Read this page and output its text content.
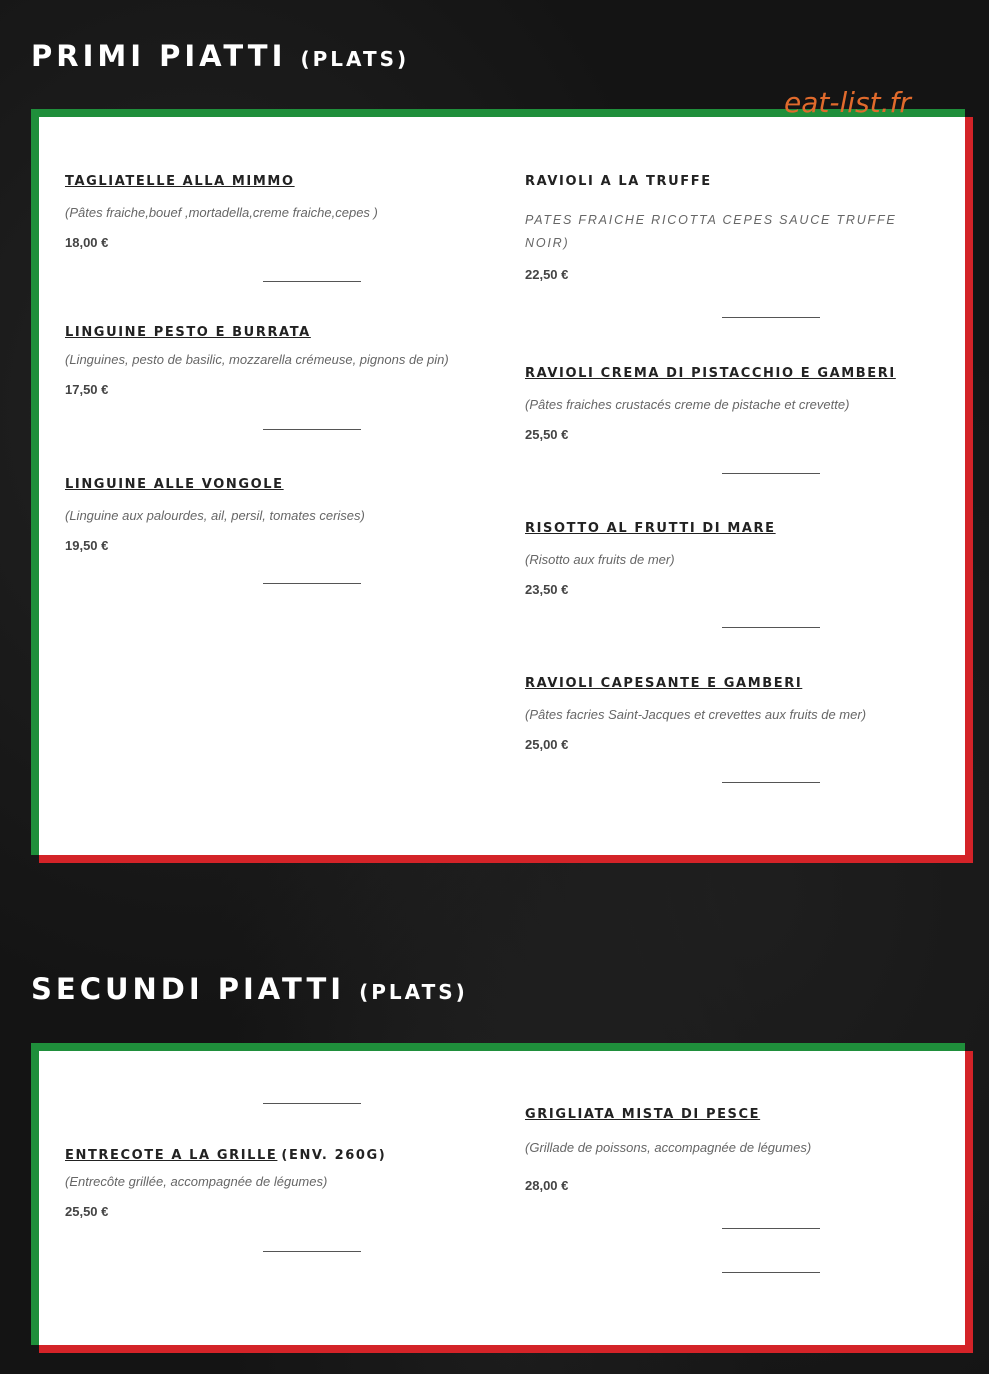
PRIMI PIATTI (PLATS)
TAGLIATELLE ALLA MIMMO
(Pâtes fraiche,bouef ,mortadella,creme fraiche,cepes )
18,00 €
LINGUINE PESTO E BURRATA
(Linguines, pesto de basilic, mozzarella crémeuse, pignons de pin)
17,50 €
LINGUINE ALLE VONGOLE
(Linguine aux palourdes, ail, persil, tomates cerises)
19,50 €
RAVIOLI A LA TRUFFE
PATES FRAICHE RICOTTA CEPES SAUCE TRUFFE NOIR)
22,50 €
RAVIOLI CREMA DI PISTACCHIO E GAMBERI
(Pâtes fraiches crustacés creme de pistache et crevette)
25,50 €
RISOTTO AL FRUTTI DI MARE
(Risotto aux fruits de mer)
23,50 €
RAVIOLI CAPESANTE E GAMBERI
(Pâtes facries Saint-Jacques et crevettes aux fruits de mer)
25,00 €
eat-list.fr
SECUNDI PIATTI (PLATS)
ENTRECOTE A LA GRILLE (ENV. 260G)
(Entrecôte grillée, accompagnée de légumes)
25,50 €
GRIGLIATA MISTA DI PESCE
(Grillade de poissons, accompagnée de légumes)
28,00 €
